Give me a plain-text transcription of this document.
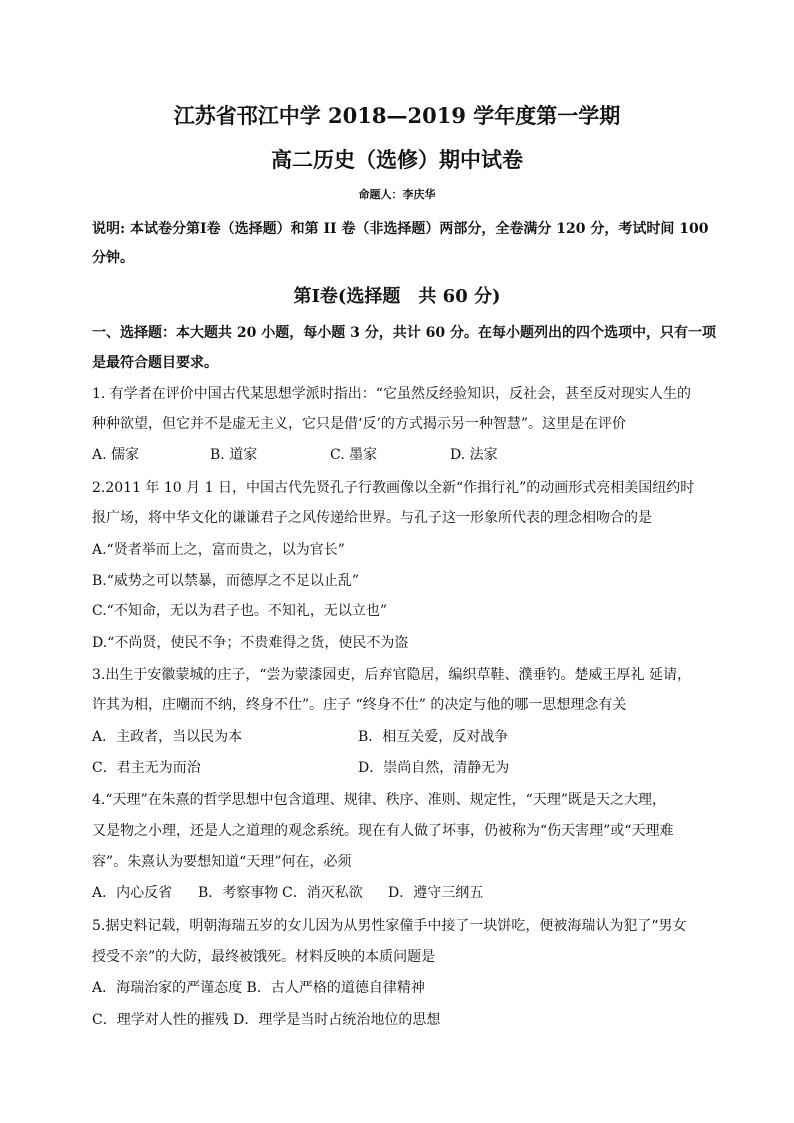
江苏省邗江中学 2018—2019 学年度第一学期
高二历史（选修）期中试卷
命题人：李庆华
说明: 本试卷分第Ⅰ卷（选择题）和第 II 卷（非选择题）两部分，全卷满分 120 分，考试时间 100
分钟。
第Ⅰ卷(选择题　共 60 分)
一、选择题：本大题共 20 小题，每小题 3 分，共计 60 分。在每小题列出的四个选项中，只有一项
是最符合题目要求。
1. 有学者在评价中国古代某思想学派时指出：“它虽然反经验知识，反社会，甚至反对现实人生的
种种欲望，但它并不是虚无主义，它只是借‘反’的方式揭示另一种智慧”。这里是在评价
A. 儒家	B. 道家	C. 墨家	D. 法家
2.2011 年 10 月 1 日，中国古代先贤孔子行教画像以全新“作揖行礼”的动画形式亮相美国纽约时
报广场，将中华文化的谦谦君子之风传递给世界。与孔子这一形象所代表的理念相吻合的是
A.“贤者举而上之，富而贵之，以为官长”
B.“威势之可以禁暴，而德厚之不足以止乱”
C.“不知命，无以为君子也。不知礼，无以立也”
D.“不尚贤，使民不争；不贵难得之货，使民不为盗
3.出生于安徽蒙城的庄子，“尝为蒙漆园吏，后弃官隐居，编织草鞋、濮垂钓。楚威王厚礼 延请，
许其为相，庄嘲而不纳，终身不仕”。庄子 “终身不仕” 的决定与他的哪一思想理念有关
A．主政者，当以民为本	B．相互关爱，反对战争
C．君主无为而治	D．崇尚自然，清静无为
4.“天理”在朱熹的哲学思想中包含道理、规律、秩序、准则、规定性，“天理”既是天之大理，
又是物之小理，还是人之道理的观念系统。现在有人做了坏事，仍被称为“伤天害理”或“天理难
容”。朱熹认为要想知道“天理”何在，必须
A．内心反省 B．考察事物 C．消灭私欲 D．遵守三纲五
5.据史料记载，明朝海瑞五岁的女儿因为从男性家僮手中接了一块饼吃，便被海瑞认为犯了“男女
授受不亲”的大防，最终被饿死。材料反映的本质问题是
A．海瑞治家的严谨态度 B．古人严格的道德自律精神
C．理学对人性的摧残 D．理学是当时占统治地位的思想
